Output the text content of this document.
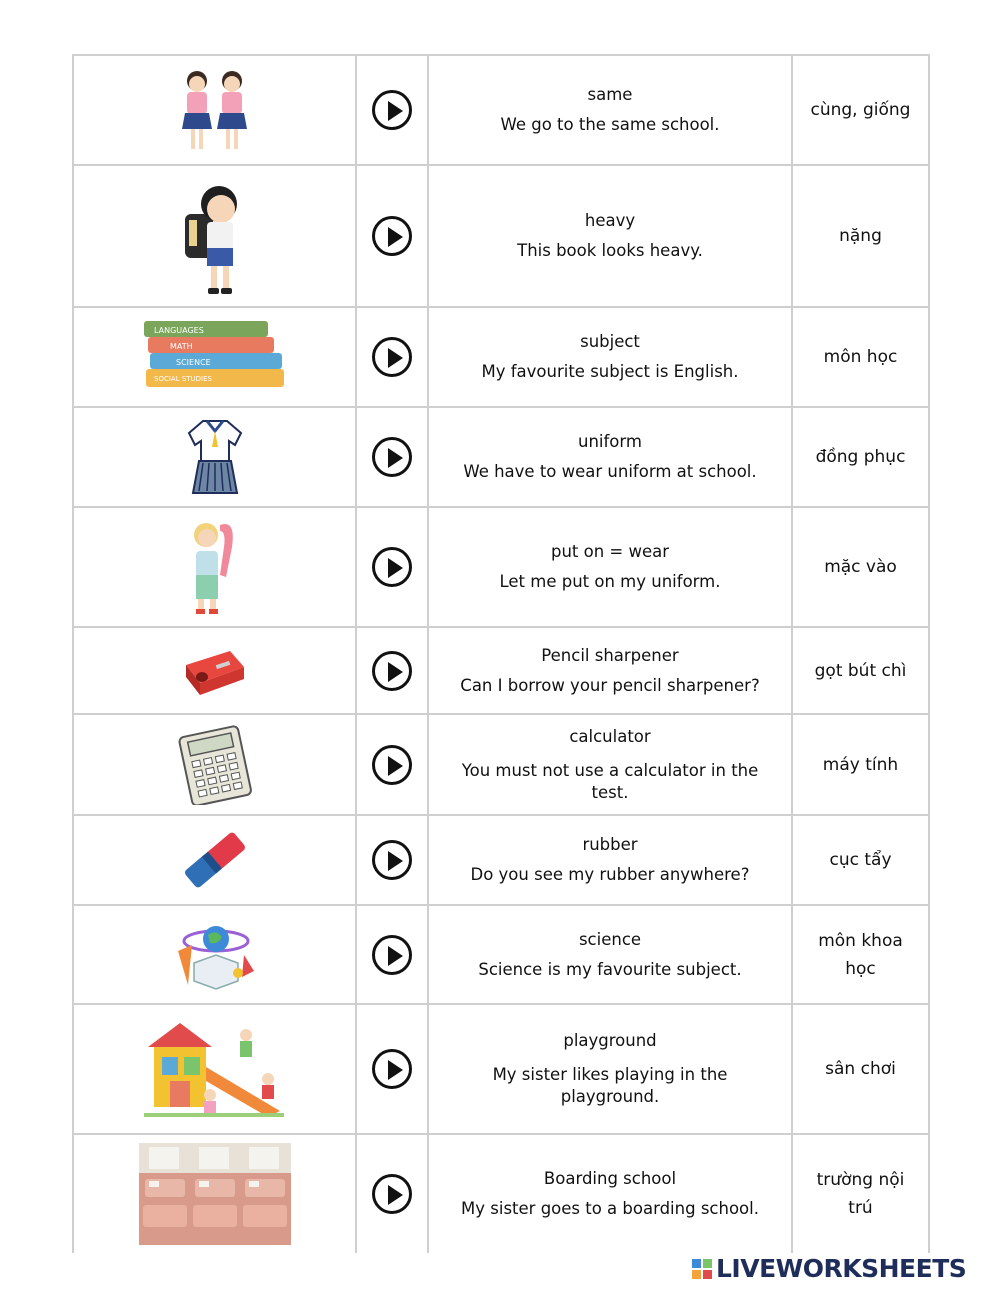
same
We go to the same school.
cùng, giống
heavy
This book looks heavy.
nặng
LANGUAGES
MATH
SCIENCE
SOCIAL STUDIES
subject
My favourite subject is English.
môn học
uniform
We have to wear uniform at school.
đồng phục
put on = wear
Let me put on my uniform.
mặc vào
Pencil sharpener
Can I borrow your pencil sharpener?
gọt bút chì
calculator
You must not use a calculator in the test.
máy tính
rubber
Do you see my rubber anywhere?
cục tẩy
science
Science is my favourite subject.
môn khoa học
playground
My sister likes playing in the playground.
sân chơi
Boarding school
My sister goes to a boarding school.
trường nội trú
LIVEWORKSHEETS
